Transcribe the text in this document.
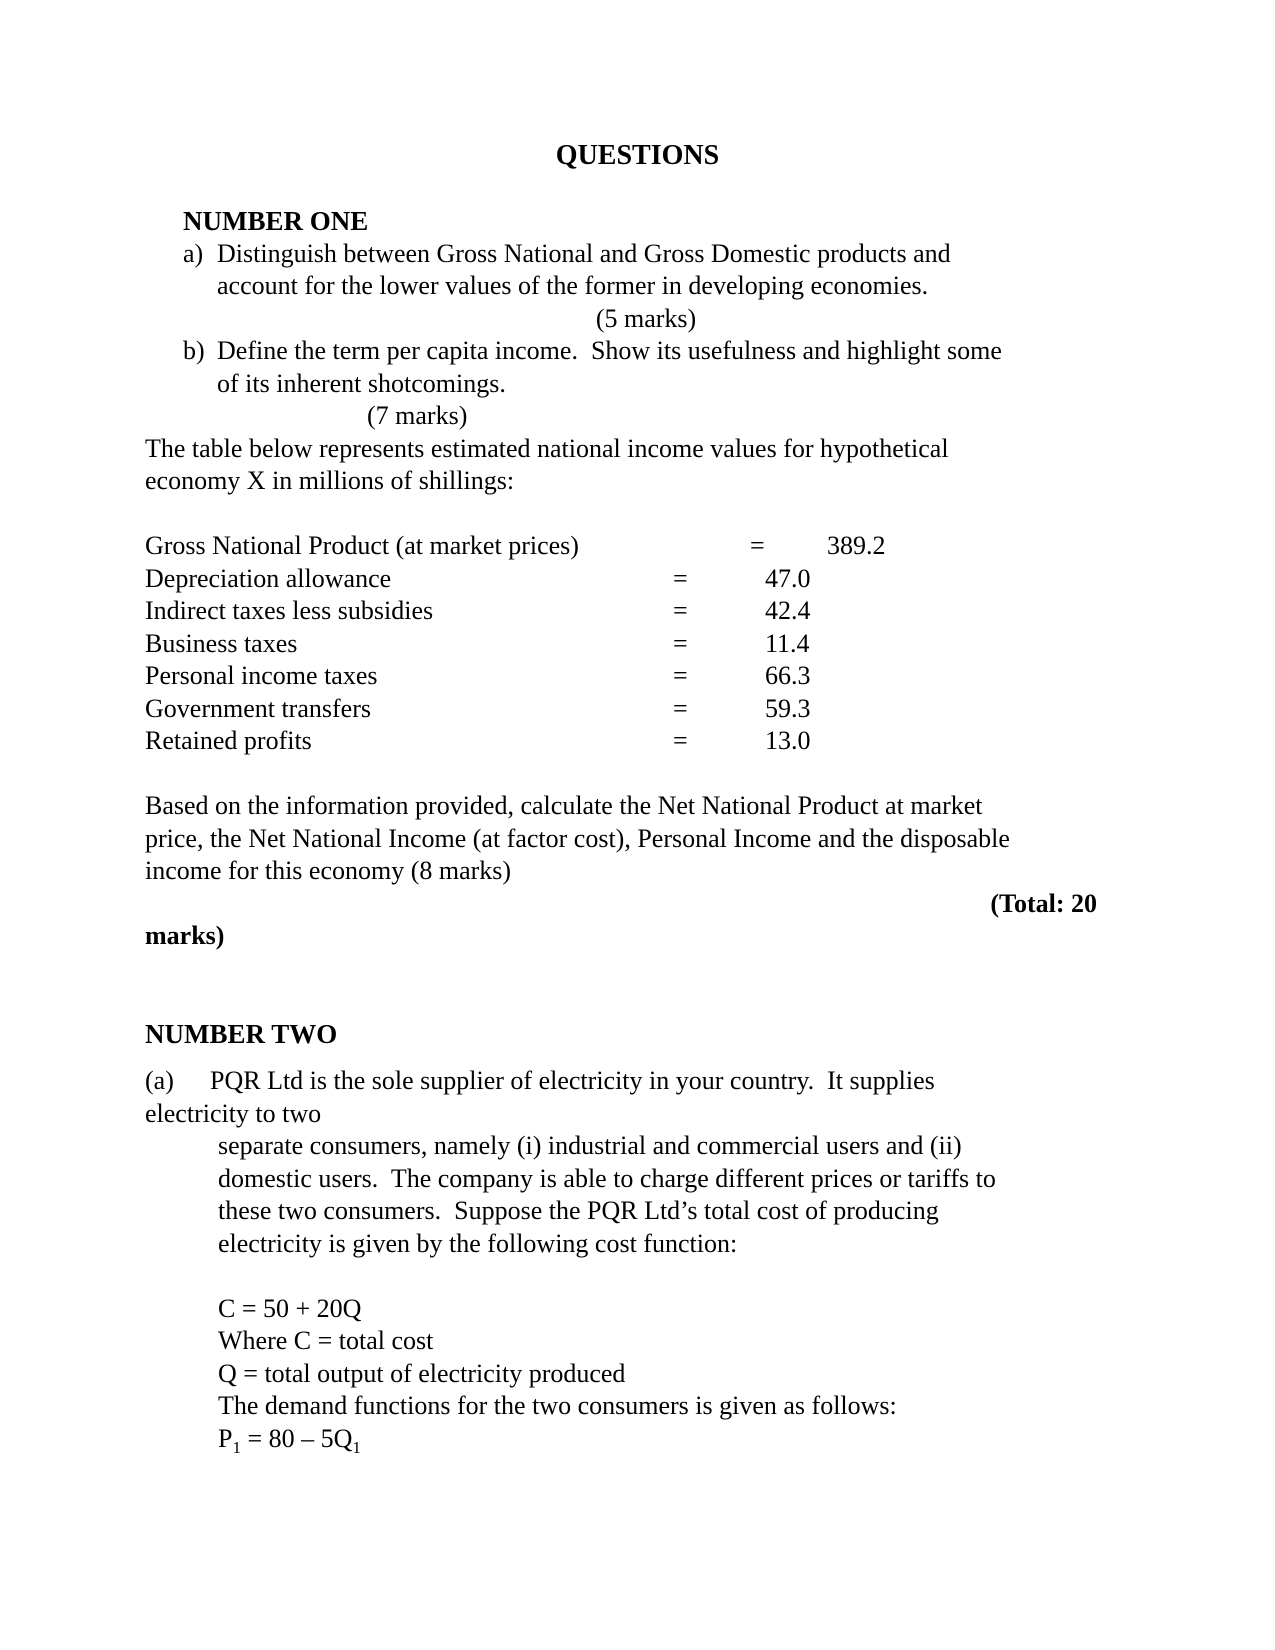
QUESTIONS
NUMBER ONE
a) Distinguish between Gross National and Gross Domestic products and
account for the lower values of the former in developing economies.
(5 marks)
b) Define the term per capita income.  Show its usefulness and highlight some
of its inherent shotcomings.
(7 marks)
The table below represents estimated national income values for hypothetical
economy X in millions of shillings:
Gross National Product (at market prices)	= 389.2
Depreciation allowance	=	47.0
Indirect taxes less subsidies	=	42.4
Business taxes	=	11.4
Personal income taxes	=	66.3
Government transfers	=	59.3
Retained profits	=	13.0
Based on the information provided, calculate the Net National Product at market
price, the Net National Income (at factor cost), Personal Income and the disposable
income for this economy (8 marks)
(Total: 20
marks)
NUMBER TWO
(a) PQR Ltd is the sole supplier of electricity in your country.  It supplies
electricity to two
separate consumers, namely (i) industrial and commercial users and (ii)
domestic users.  The company is able to charge different prices or tariffs to
these two consumers.  Suppose the PQR Ltd’s total cost of producing
electricity is given by the following cost function:
C = 50 + 20Q
Where C = total cost
Q = total output of electricity produced
The demand functions for the two consumers is given as follows:
$P_1 = 80 - 5Q_1$
